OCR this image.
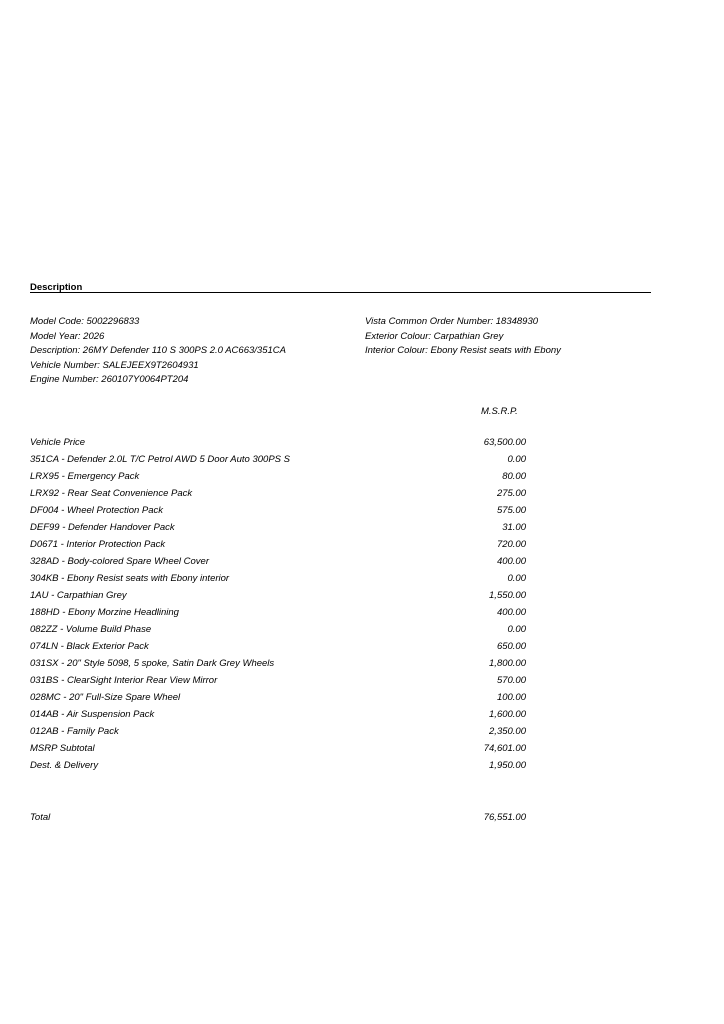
Description
Model Code: 5002296833
Model Year: 2026
Description: 26MY Defender 110 S 300PS 2.0 AC663/351CA
Vehicle Number: SALEJEEX9T2604931
Engine Number: 260107Y0064PT204
Vista Common Order Number: 18348930
Exterior Colour: Carpathian Grey
Interior Colour: Ebony Resist seats with Ebony
M.S.R.P.
Vehicle Price	63,500.00
351CA - Defender 2.0L T/C Petrol AWD 5 Door Auto 300PS S	0.00
LRX95 - Emergency Pack	80.00
LRX92 - Rear Seat Convenience Pack	275.00
DF004 - Wheel Protection Pack	575.00
DEF99 - Defender Handover Pack	31.00
D0671 - Interior Protection Pack	720.00
328AD - Body-colored Spare Wheel Cover	400.00
304KB - Ebony Resist seats with Ebony interior	0.00
1AU - Carpathian Grey	1,550.00
188HD - Ebony Morzine Headlining	400.00
082ZZ - Volume Build Phase	0.00
074LN - Black Exterior Pack	650.00
031SX - 20" Style 5098, 5 spoke, Satin Dark Grey Wheels	1,800.00
031BS - ClearSight Interior Rear View Mirror	570.00
028MC - 20" Full-Size Spare Wheel	100.00
014AB - Air Suspension Pack	1,600.00
012AB - Family Pack	2,350.00
MSRP Subtotal	74,601.00
Dest. & Delivery	1,950.00
Total	76,551.00
